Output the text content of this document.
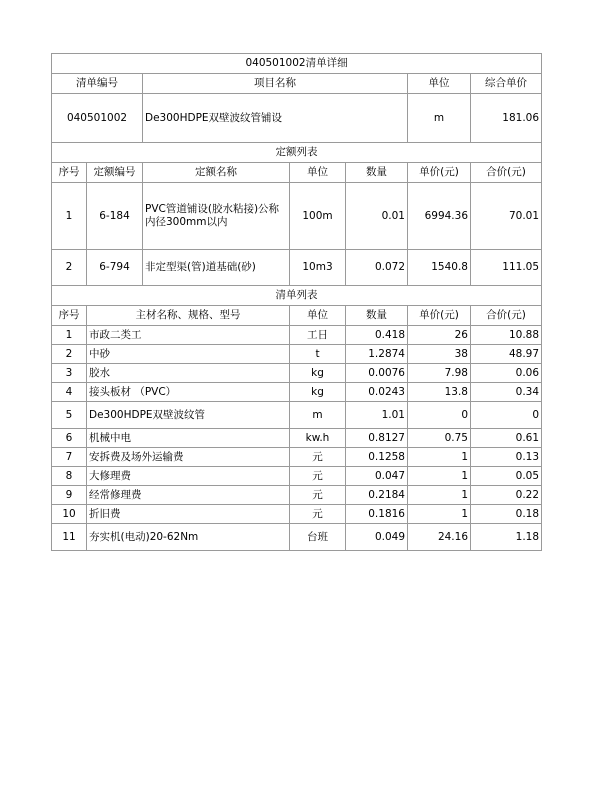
040501002清单详细						
清单编号		项目名称			单位	综合单价
040501002		De300HDPE双壁波纹管铺设			m	181.06
定额列表						
序号	定额编号	定额名称	单位	数量	单价(元)	合价(元)
1	6-184	PVC管道铺设(胶水粘接)公称内径300mm以内	100m	0.01	6994.36	70.01
2	6-794	非定型渠(管)道基础(砂)	10m3	0.072	1540.8	111.05
清单列表						
序号	主材名称、规格、型号		单位	数量	单价(元)	合价(元)
1	市政二类工		工日	0.418	26	10.88
2	中砂		t	1.2874	38	48.97
3	胶水		kg	0.0076	7.98	0.06
4	接头板材 （PVC）		kg	0.0243	13.8	0.34
5	De300HDPE双壁波纹管		m	1.01	0	0
6	机械中电		kw.h	0.8127	0.75	0.61
7	安拆费及场外运输费		元	0.1258	1	0.13
8	大修理费		元	0.047	1	0.05
9	经常修理费		元	0.2184	1	0.22
10	折旧费		元	0.1816	1	0.18
11	夯实机(电动)20-62Nm		台班	0.049	24.16	1.18
